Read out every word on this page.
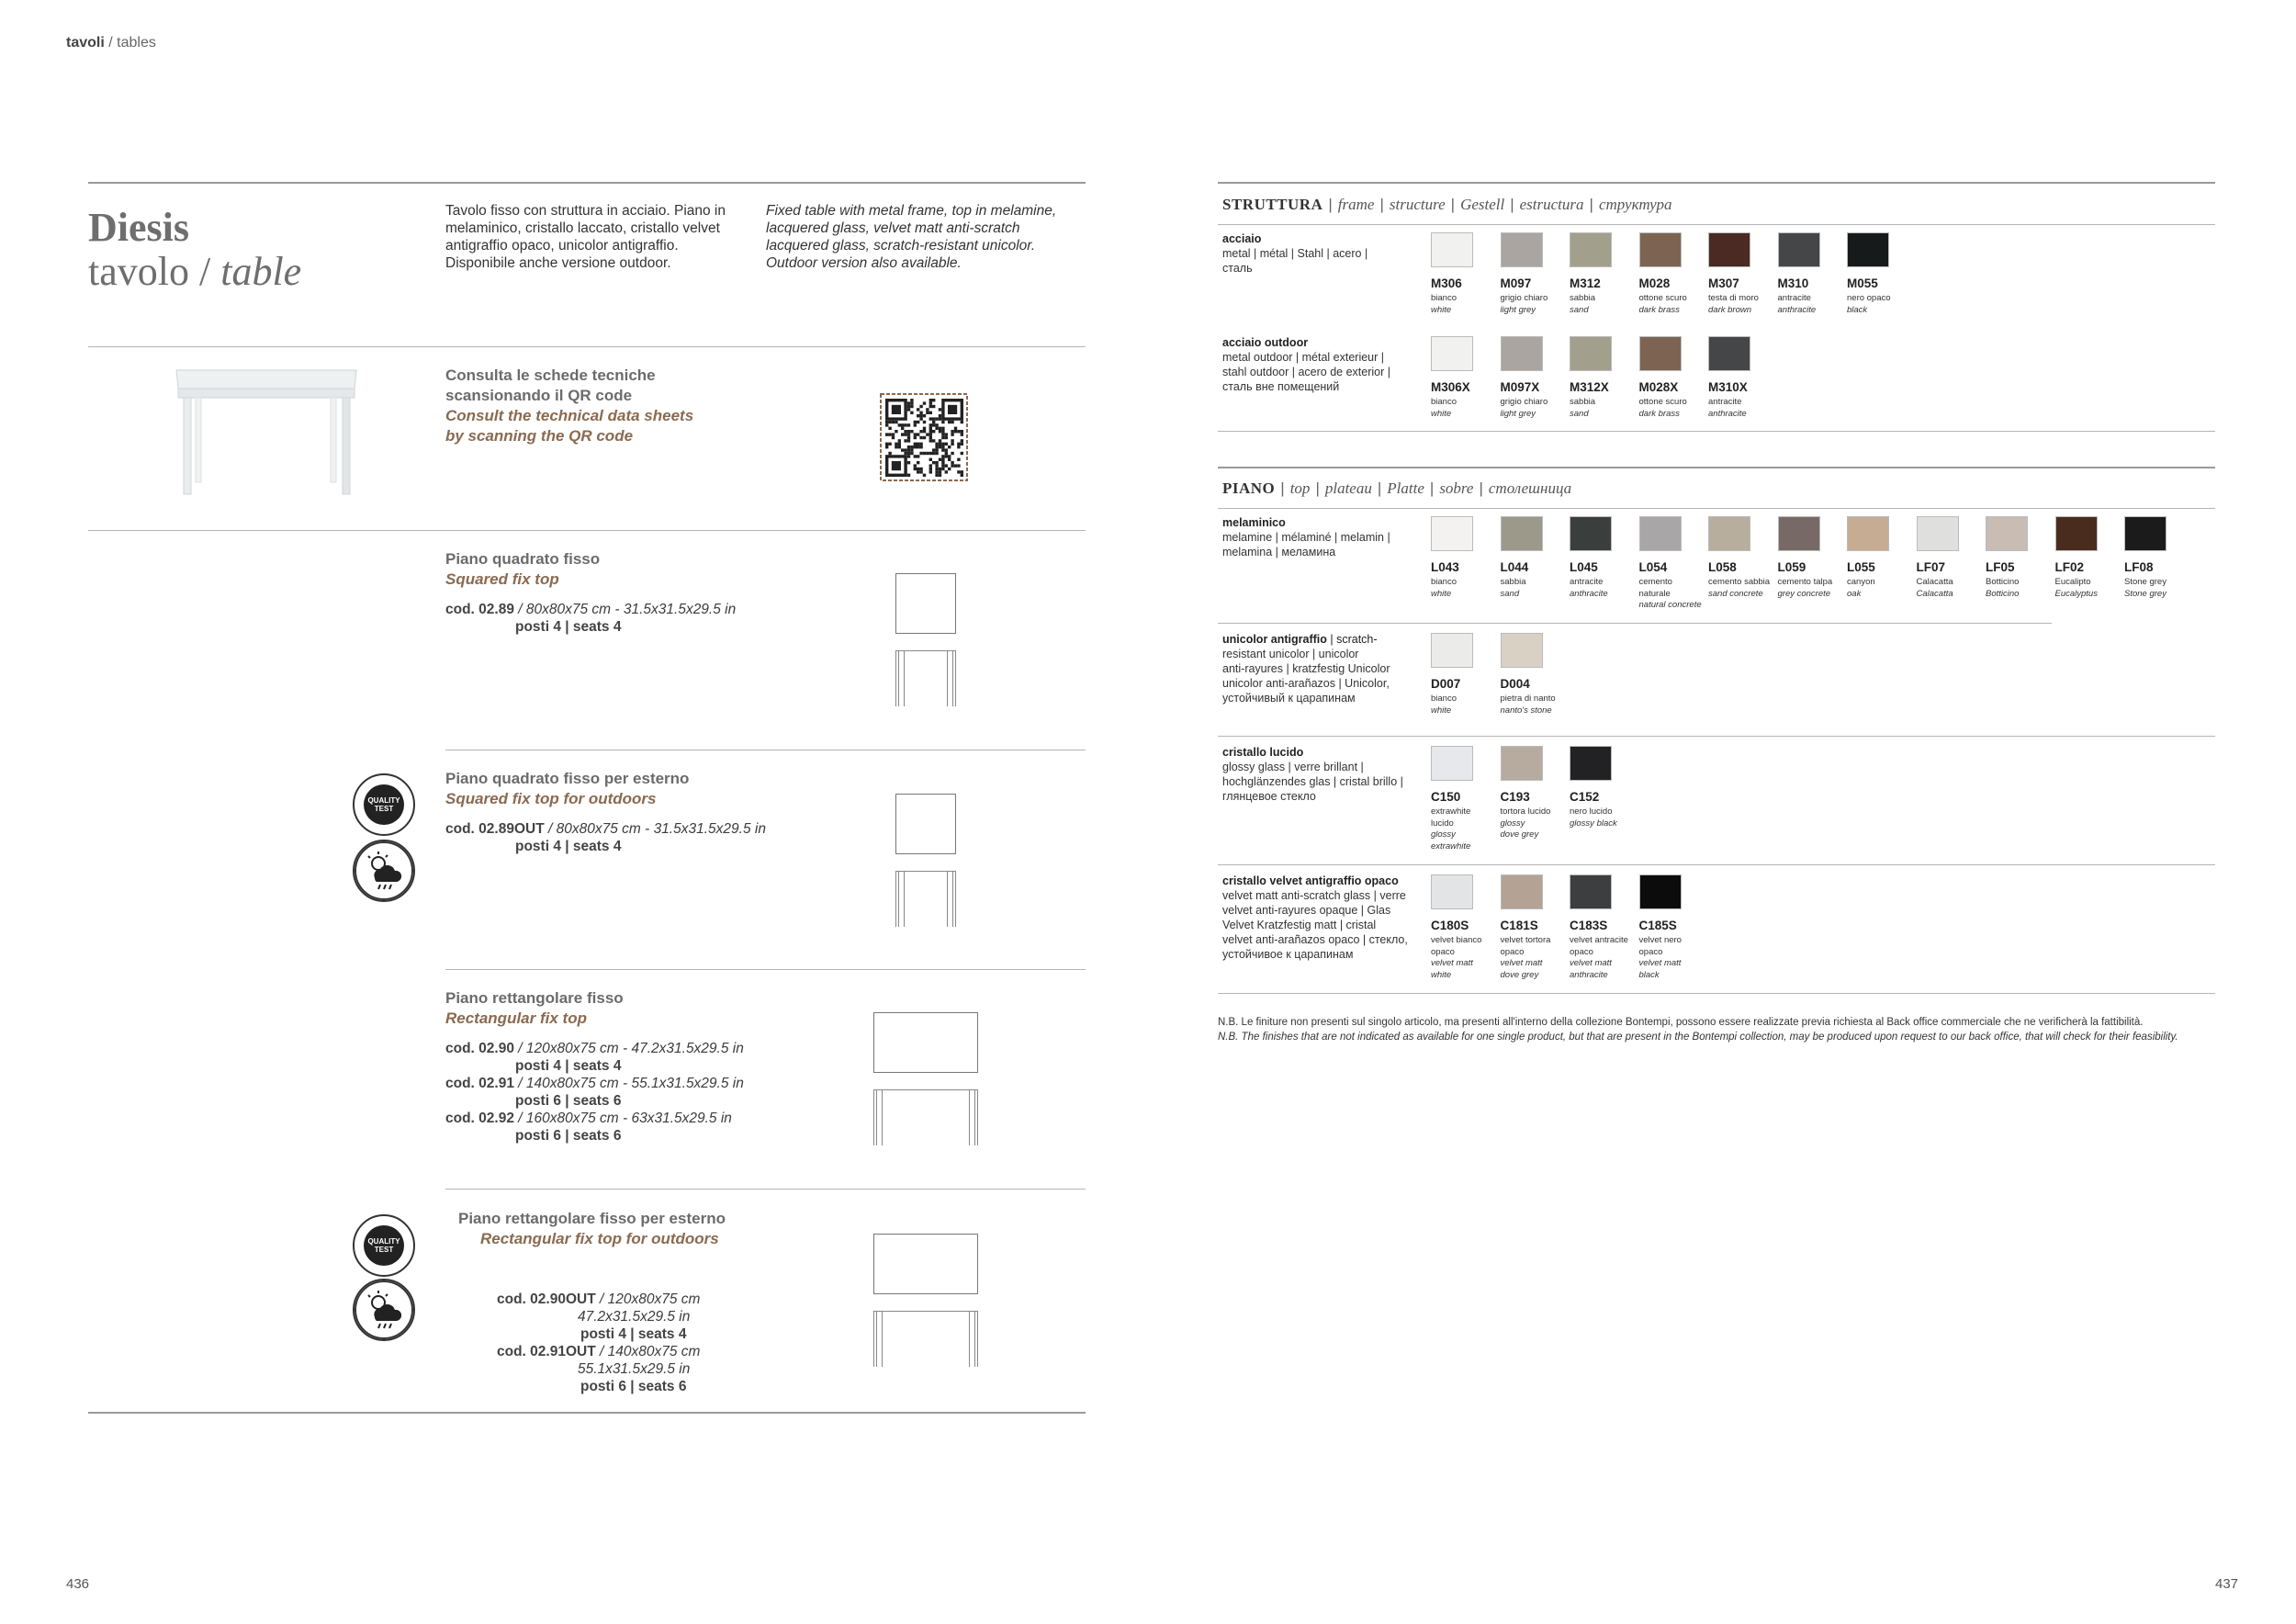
tavoli / tables
Diesis
tavolo / table
Tavolo fisso con struttura in acciaio. Piano in
melaminico, cristallo laccato, cristallo velvet
antigraffio opaco, unicolor antigraffio.
Disponibile anche versione outdoor.
Fixed table with metal frame, top in melamine,
lacquered glass, velvet matt anti-scratch
lacquered glass, scratch-resistant unicolor.
Outdoor version also available.
Consulta le schede tecniche
scansionando il QR code
Consult the technical data sheets
by scanning the QR code
Piano quadrato fisso
Squared fix top
cod. 02.89 / 80x80x75 cm - 31.5x31.5x29.5 in
posti 4 | seats 4
QUALITY TEST
Piano quadrato fisso per esterno
Squared fix top for outdoors
cod. 02.89OUT / 80x80x75 cm - 31.5x31.5x29.5 in
posti 4 | seats 4
Piano rettangolare fisso
Rectangular fix top
cod. 02.90 / 120x80x75 cm - 47.2x31.5x29.5 in
posti 4 | seats 4
cod. 02.91 / 140x80x75 cm - 55.1x31.5x29.5 in
posti 6 | seats 6
cod. 02.92 / 160x80x75 cm - 63x31.5x29.5 in
posti 6 | seats 6
QUALITY TEST
Piano rettangolare fisso per esterno
Rectangular fix top for outdoors
cod. 02.90OUT / 120x80x75 cm
47.2x31.5x29.5 in
posti 4 | seats 4
cod. 02.91OUT / 140x80x75 cm
55.1x31.5x29.5 in
posti 6 | seats 6
436
STRUTTURA | frame | structure | Gestell | estructura | структура
acciaio
metal | métal | Stahl | acero |
сталь
M306
bianco
white
M097
grigio chiaro
light grey
M312
sabbia
sand
M028
ottone scuro
dark brass
M307
testa di moro
dark brown
M310
antracite
anthracite
M055
nero opaco
black
acciaio outdoor
metal outdoor | métal exterieur |
stahl outdoor | acero de exterior |
сталь вне помещений	M306X
bianco
white
M097X
grigio chiaro
light grey
M312X
sabbia
sand
M028X
ottone scuro
dark brass
M310X
antracite
anthracite
melaminico
melamine | mélaminé | melamin |
melamina | меламина
L043
bianco
white
L044
sabbia
sand
L045
antracite
anthracite
L054
cemento
naturale
natural concrete
L058
cemento sabbia
sand concrete
L059
cemento talpa
grey concrete
L055
canyon
oak
LF07
Calacatta
Calacatta
LF05
Botticino
Botticino
LF02
Eucalipto
Eucalyptus
LF08
Stone grey
Stone grey
unicolor antigraffio | scratch-
resistant unicolor | unicolor
anti-rayures | kratzfestig Unicolor
unicolor anti-arañazos | Unicolor,
устойчивый к царапинам
D007
bianco
white
D004
pietra di nanto
nanto's stone
cristallo lucido
glossy glass | verre brillant |
hochglänzendes glas | cristal brillo |
глянцевое стекло	C150
extrawhite
lucido
glossy
extrawhite
C193
tortora lucido
glossy
dove grey
C152
nero lucido
glossy black
cristallo velvet antigraffio opaco
velvet matt anti-scratch glass | verre
velvet anti-rayures opaque | Glas
Velvet Kratzfestig matt | cristal
velvet anti-arañazos opaco | стекло,
устойчивое к царапинам
C180S
velvet bianco
opaco
velvet matt
white
C181S
velvet tortora
opaco
velvet matt
dove grey
C183S
velvet antracite
opaco
velvet matt
anthracite
C185S
velvet nero
opaco
velvet matt
black
PIANO | top | plateau | Platte | sobre | столешница
N.B. Le finiture non presenti sul singolo articolo, ma presenti all'interno della collezione Bontempi, possono essere realizzate previa richiesta al Back office commerciale che ne verificherà la fattibilità.
N.B. The finishes that are not indicated as available for one single product, but that are present in the Bontempi collection, may be produced upon request to our back office, that will check for their feasibility.
437
